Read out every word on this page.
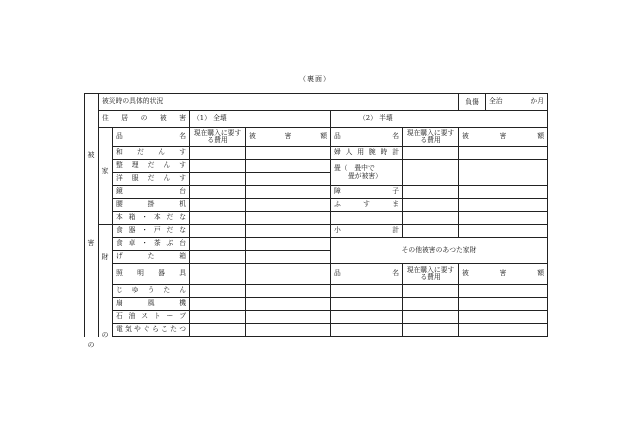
（裏面）
	被災時の具体的状況						負傷 全治 か月

	住 居 の 被 害		（1） 全壊		（2） 半壊		
		品　　名	現在購入に要する費用	被　　害　　額	品　　名	現在購入に要する費用	被　　害　　額
		和 だ ん す			婦人用腕時計		
		整 理 だ ん す			畳（　畳中で
畳が被害）		

		洋 服 だ ん す					
		鏡　　台			障　　子		
		腰　掛　机			ふ　す　ま		
		本箱・本だな					
		食器・戸だな			小　　計		
		食卓・茶ぶ台			その他被害のあつた家財		
		げ　た　箱					
		照 明 器 具			品　　名	現在購入に要する費用	被　　害　　額
		じ ゆ う た ん					
		扇　風　機					
		石 油 ス ト ー ブ					
		電気やぐらこたつ					
被
家
害
財
の
の
